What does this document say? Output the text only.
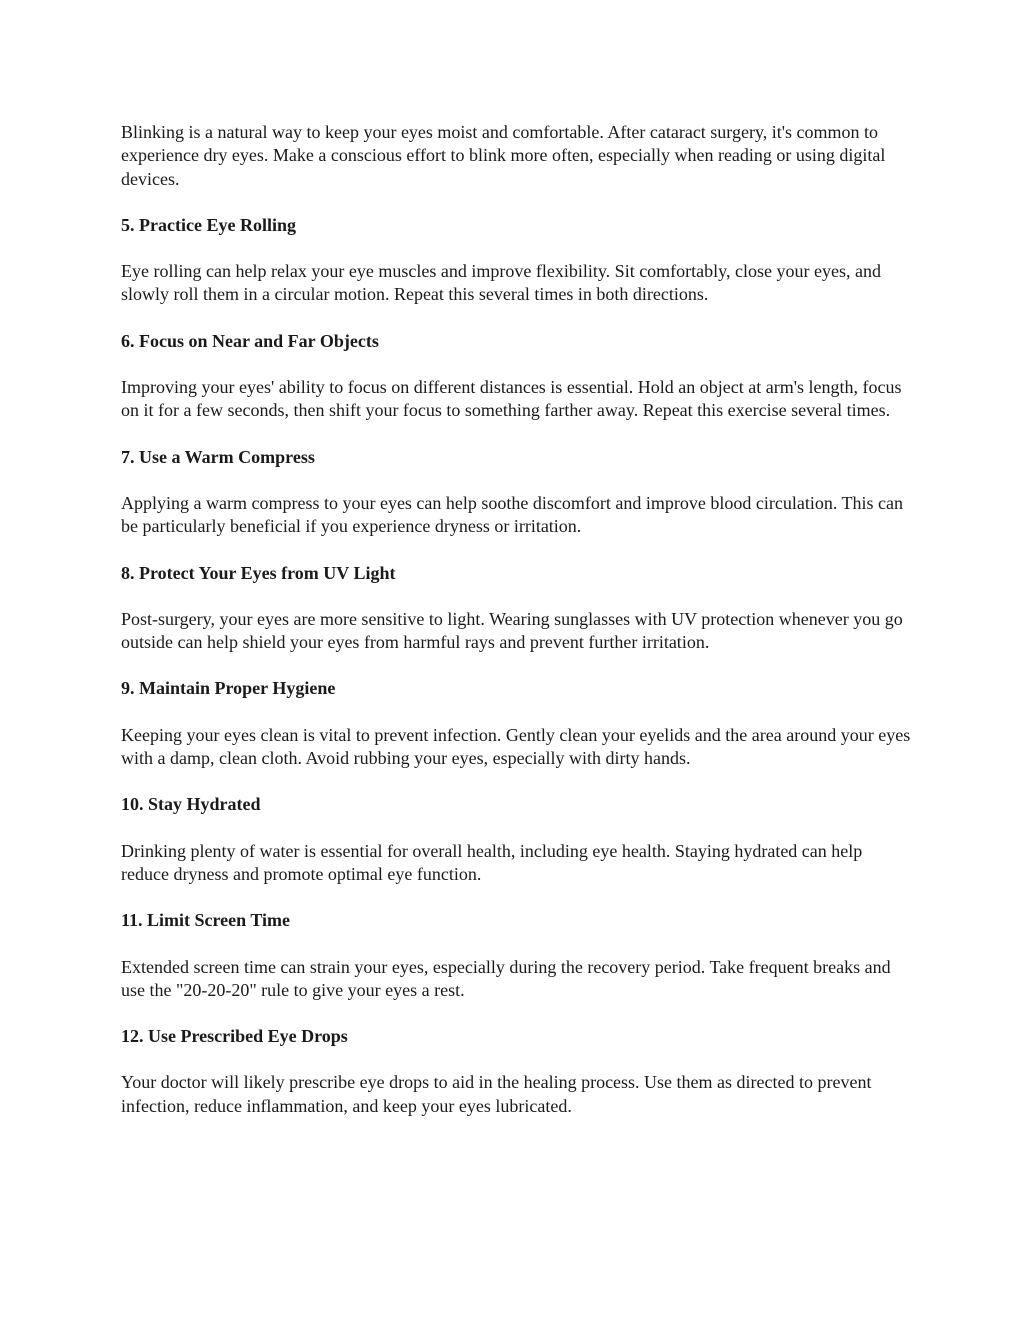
Blinking is a natural way to keep your eyes moist and comfortable. After cataract surgery, it's common to experience dry eyes. Make a conscious effort to blink more often, especially when reading or using digital devices.

5. Practice Eye Rolling

Eye rolling can help relax your eye muscles and improve flexibility. Sit comfortably, close your eyes, and slowly roll them in a circular motion. Repeat this several times in both directions.

6. Focus on Near and Far Objects

Improving your eyes' ability to focus on different distances is essential. Hold an object at arm's length, focus on it for a few seconds, then shift your focus to something farther away. Repeat this exercise several times.

7. Use a Warm Compress

Applying a warm compress to your eyes can help soothe discomfort and improve blood circulation. This can be particularly beneficial if you experience dryness or irritation.

8. Protect Your Eyes from UV Light

Post-surgery, your eyes are more sensitive to light. Wearing sunglasses with UV protection whenever you go outside can help shield your eyes from harmful rays and prevent further irritation.

9. Maintain Proper Hygiene

Keeping your eyes clean is vital to prevent infection. Gently clean your eyelids and the area around your eyes with a damp, clean cloth. Avoid rubbing your eyes, especially with dirty hands.

10. Stay Hydrated

Drinking plenty of water is essential for overall health, including eye health. Staying hydrated can help reduce dryness and promote optimal eye function.

11. Limit Screen Time

Extended screen time can strain your eyes, especially during the recovery period. Take frequent breaks and use the "20-20-20" rule to give your eyes a rest.

12. Use Prescribed Eye Drops

Your doctor will likely prescribe eye drops to aid in the healing process. Use them as directed to prevent infection, reduce inflammation, and keep your eyes lubricated.
